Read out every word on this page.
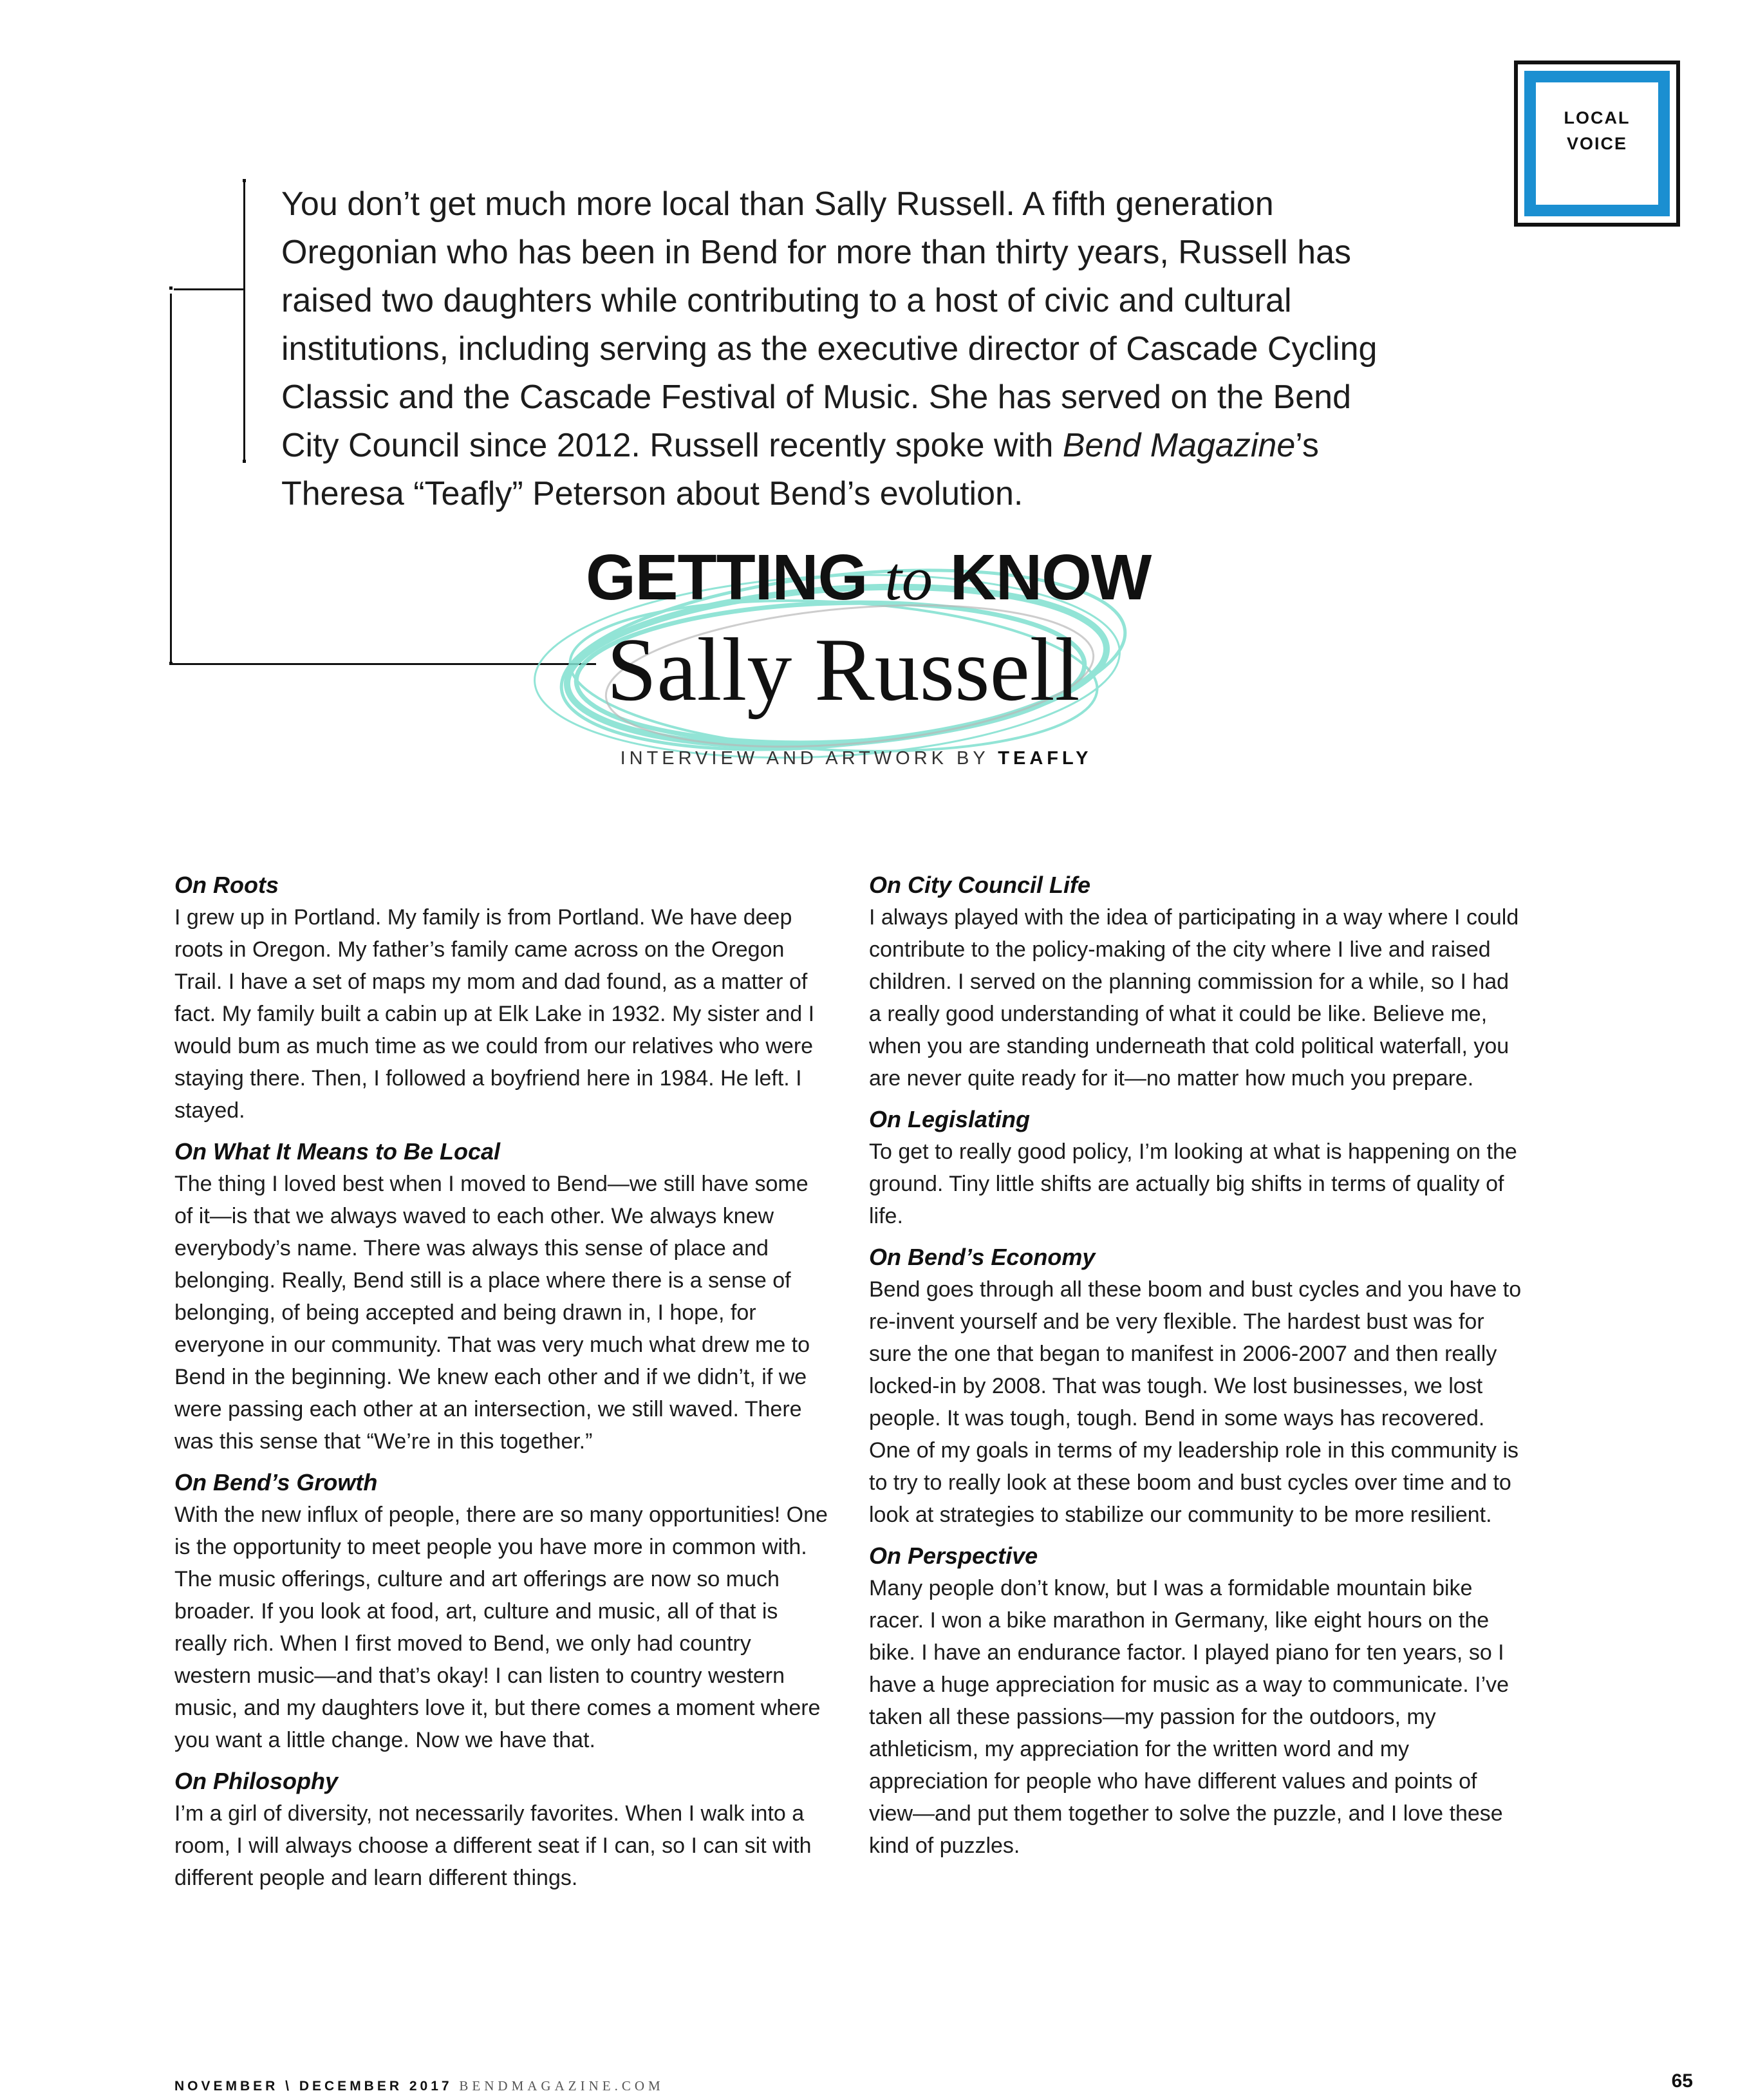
LOCAL
VOICE

You don’t get much more local than Sally Russell. A fifth generation Oregonian who has been in Bend for more than thirty years, Russell has raised two daughters while contributing to a host of civic and cultural institutions, including serving as the executive director of Cascade Cycling Classic and the Cascade Festival of Music. She has served on the Bend City Council since 2012. Russell recently spoke with Bend Magazine’s Theresa “Teafly” Peterson about Bend’s evolution.

GETTING to KNOW
Sally Russell
INTERVIEW AND ARTWORK BY TEAFLY
On Roots

I grew up in Portland. My family is from Portland. We have deep roots in Oregon. My father’s family came across on the Oregon Trail. I have a set of maps my mom and dad found, as a matter of fact. My family built a cabin up at Elk Lake in 1932. My sister and I would bum as much time as we could from our relatives who were staying there. Then, I followed a boyfriend here in 1984. He left. I stayed.

On What It Means to Be Local

The thing I loved best when I moved to Bend—we still have some of it—is that we always waved to each other. We always knew everybody’s name. There was always this sense of place and belonging. Really, Bend still is a place where there is a sense of belonging, of being accepted and being drawn in, I hope, for everyone in our community. That was very much what drew me to Bend in the beginning. We knew each other and if we didn’t, if we were passing each other at an intersection, we still waved. There was this sense that “We’re in this together.”

On Bend’s Growth

With the new influx of people, there are so many opportunities! One is the opportunity to meet people you have more in common with. The music offerings, culture and art offerings are now so much broader. If you look at food, art, culture and music, all of that is really rich. When I first moved to Bend, we only had country western music—and that’s okay! I can listen to country western music, and my daughters love it, but there comes a moment where you want a little change. Now we have that.

On Philosophy

I’m a girl of diversity, not necessarily favorites. When I walk into a room, I will always choose a different seat if I can, so I can sit with different people and learn different things.

On City Council Life

I always played with the idea of participating in a way where I could contribute to the policy-making of the city where I live and raised children. I served on the planning commission for a while, so I had a really good understanding of what it could be like. Believe me, when you are standing underneath that cold political waterfall, you are never quite ready for it—no matter how much you prepare.

On Legislating

To get to really good policy, I’m looking at what is happening on the ground. Tiny little shifts are actually big shifts in terms of quality of life.

On Bend’s Economy

Bend goes through all these boom and bust cycles and you have to re-invent yourself and be very flexible. The hardest bust was for sure the one that began to manifest in 2006-2007 and then really locked-in by 2008. That was tough. We lost businesses, we lost people. It was tough, tough. Bend in some ways has recovered. One of my goals in terms of my leadership role in this community is to try to really look at these boom and bust cycles over time and to look at strategies to stabilize our community to be more resilient.

On Perspective

Many people don’t know, but I was a formidable mountain bike racer. I won a bike marathon in Germany, like eight hours on the bike. I have an endurance factor. I played piano for ten years, so I have a huge appreciation for music as a way to communicate. I’ve taken all these passions—my passion for the outdoors, my athleticism, my appreciation for the written word and my appreciation for people who have different values and points of view—and put them together to solve the puzzle, and I love these kind of puzzles.

NOVEMBER \ DECEMBER 2017 BENDMAGAZINE.COM	65
